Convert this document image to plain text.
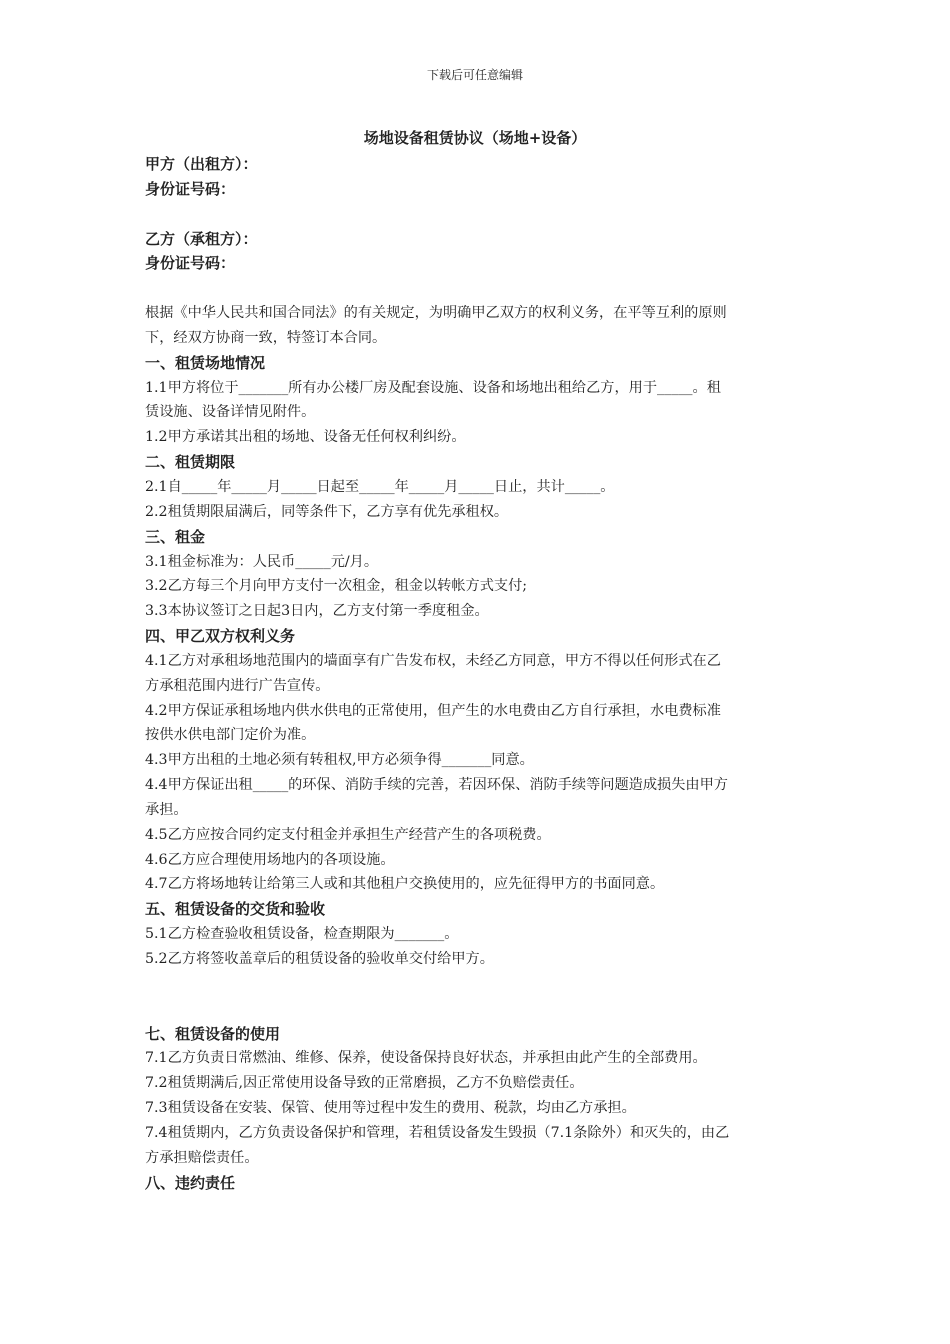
下载后可任意编辑
场地设备租赁协议（场地+设备）
甲方（出租方）：
身份证号码：
乙方（承租方）：
身份证号码：
根据《中华人民共和国合同法》的有关规定，为明确甲乙双方的权利义务，在平等互利的原则
下，经双方协商一致，特签订本合同。
一、租赁场地情况
1.1甲方将位于_______所有办公楼厂房及配套设施、设备和场地出租给乙方，用于_____。租
赁设施、设备详情见附件。
1.2甲方承诺其出租的场地、设备无任何权利纠纷。
二、租赁期限
2.1自_____年_____月_____日起至_____年_____月_____日止，共计_____。
2.2租赁期限届满后，同等条件下，乙方享有优先承租权。
三、租金
3.1租金标准为：人民币_____元/月。
3.2乙方每三个月向甲方支付一次租金，租金以转帐方式支付;
3.3本协议签订之日起3日内，乙方支付第一季度租金。
四、甲乙双方权利义务
4.1乙方对承租场地范围内的墙面享有广告发布权，未经乙方同意，甲方不得以任何形式在乙
方承租范围内进行广告宣传。
4.2甲方保证承租场地内供水供电的正常使用，但产生的水电费由乙方自行承担，水电费标准
按供水供电部门定价为准。
4.3甲方出租的土地必须有转租权,甲方必须争得_______同意。
4.4甲方保证出租_____的环保、消防手续的完善，若因环保、消防手续等问题造成损失由甲方
承担。
4.5乙方应按合同约定支付租金并承担生产经营产生的各项税费。
4.6乙方应合理使用场地内的各项设施。
4.7乙方将场地转让给第三人或和其他租户交换使用的，应先征得甲方的书面同意。
五、租赁设备的交货和验收
5.1乙方检查验收租赁设备，检查期限为_______。
5.2乙方将签收盖章后的租赁设备的验收单交付给甲方。
七、租赁设备的使用
7.1乙方负责日常燃油、维修、保养，使设备保持良好状态，并承担由此产生的全部费用。
7.2租赁期满后,因正常使用设备导致的正常磨损，乙方不负赔偿责任。
7.3租赁设备在安装、保管、使用等过程中发生的费用、税款，均由乙方承担。
7.4租赁期内，乙方负责设备保护和管理，若租赁设备发生毁损（7.1条除外）和灭失的，由乙
方承担赔偿责任。
八、违约责任
